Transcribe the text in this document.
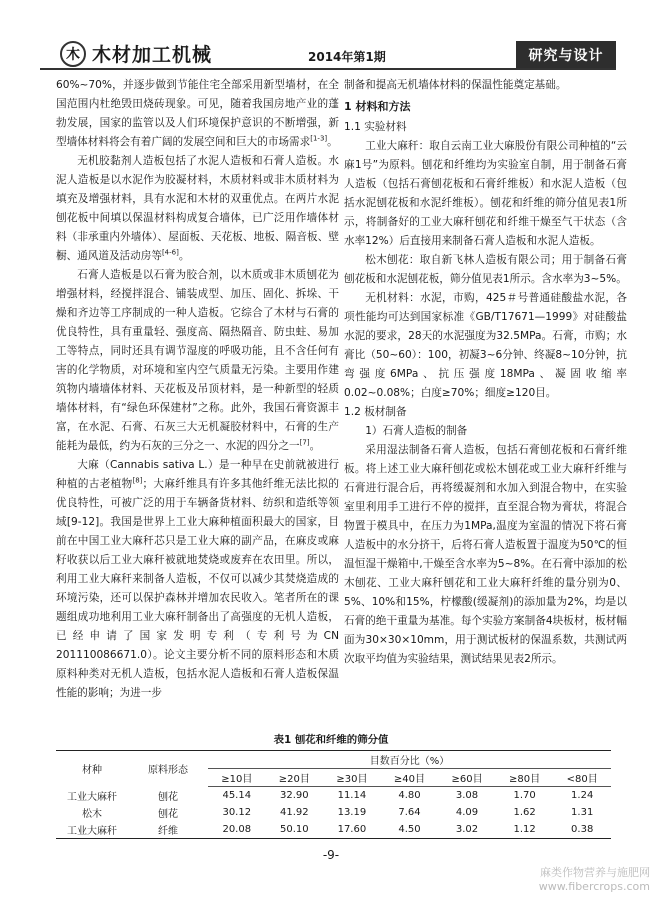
木 木材加工机械	2014年第1期	研究与设计

60%~70%，并逐步做到节能住宅全部采用新型墙材，在全国范围内杜绝毁田烧砖现象。可见，随着我国房地产业的蓬勃发展，国家的监管以及人们环境保护意识的不断增强，新型墙体材料将会有着广阔的发展空间和巨大的市场需求[1-3]。

无机胶黏剂人造板包括了水泥人造板和石膏人造板。水泥人造板是以水泥作为胶凝材料，木质材料或非木质材料为填充及增强材料，具有水泥和木材的双重优点。在两片水泥刨花板中间填以保温材料构成复合墙体，已广泛用作墙体材料（非承重内外墙体）、屋面板、天花板、地板、隔音板、壁橱、通风道及活动房等[4-6]。

石膏人造板是以石膏为胶合剂，以木质或非木质刨花为增强材料，经搅拌混合、铺装成型、加压、固化、拆垛、干燥和齐边等工序制成的一种人造板。它综合了木材与石膏的优良特性，具有重量轻、强度高、隔热隔音、防虫蛀、易加工等特点，同时还具有调节湿度的呼吸功能，且不含任何有害的化学物质，对环境和室内空气质量无污染。主要用作建筑物内墙墙体材料、天花板及吊顶材料，是一种新型的轻质墙体材料，有“绿色环保建材”之称。此外，我国石膏资源丰富，在水泥、石膏、石灰三大无机凝胶材料中，石膏的生产能耗为最低，约为石灰的三分之一、水泥的四分之一[7]。

大麻（Cannabis sativa L.）是一种早在史前就被进行种植的古老植物[8]；大麻纤维具有许多其他纤维无法比拟的优良特性，可被广泛的用于车辆备货材料、纺织和造纸等领域[9-12]。我国是世界上工业大麻种植面积最大的国家，目前在中国工业大麻秆芯只是工业大麻的副产品，在麻皮或麻籽收获以后工业大麻秆被就地焚烧或废弃在农田里。所以，利用工业大麻秆来制备人造板，不仅可以减少其焚烧造成的环境污染，还可以保护森林并增加农民收入。笔者所在的课题组成功地利用工业大麻秆制备出了高强度的无机人造板，已经申请了国家发明专利（专利号为CN 201110086671.0）。论文主要分析不同的原料形态和木质原料种类对无机人造板，包括水泥人造板和石膏人造板保温性能的影响；为进一步

制备和提高无机墙体材料的保温性能奠定基础。

1 材料和方法

1.1 实验材料

工业大麻秆：取自云南工业大麻股份有限公司种植的“云麻1号”为原料。刨花和纤维均为实验室自制，用于制备石膏人造板（包括石膏刨花板和石膏纤维板）和水泥人造板（包括水泥刨花板和水泥纤维板）。刨花和纤维的筛分值见表1所示，将制备好的工业大麻秆刨花和纤维干燥至气干状态（含水率12%）后直接用来制备石膏人造板和水泥人造板。

松木刨花：取自新飞林人造板有限公司；用于制备石膏刨花板和水泥刨花板，筛分值见表1所示。含水率为3~5%。

无机材料：水泥，市购，425＃号普通硅酸盐水泥，各项性能均可达到国家标准《GB/T17671—1999》对硅酸盐水泥的要求，28天的水泥强度为32.5MPa。石膏，市购；水膏比（50~60）：100，初凝3~6分钟、终凝8~10分钟，抗弯强度6MPa、抗压强度18MPa、凝固收缩率0.02~0.08%；白度≥70%；细度≥120目。

1.2 板材制备

1）石膏人造板的制备

采用湿法制备石膏人造板，包括石膏刨花板和石膏纤维板。将上述工业大麻秆刨花或松木刨花或工业大麻秆纤维与石膏进行混合后，再将缓凝剂和水加入到混合物中，在实验室里利用手工进行不停的搅拌，直至混合物为膏状，将混合物置于模具中，在压力为1MPa,温度为室温的情况下将石膏人造板中的水分挤干，后将石膏人造板置于温度为50℃的恒温恒湿干燥箱中,干燥至含水率为5~8%。在石膏中添加的松木刨花、工业大麻秆刨花和工业大麻秆纤维的量分别为0、5%、10%和15%，柠檬酸(缓凝剂)的添加量为2%，均是以石膏的绝干重量为基准。每个实验方案制备4块板材，板材幅面为30×30×10mm，用于测试板材的保温系数，共测试两次取平均值为实验结果，测试结果见表2所示。

表1 刨花和纤维的筛分值
材种	原料形态	目数百分比（%）						
		≥10目	≥20目	≥30目	≥40目	≥60目	≥80目	<80目
工业大麻秆	刨花	45.14	32.90	11.14	4.80	3.08	1.70	1.24
松木	刨花	30.12	41.92	13.19	7.64	4.09	1.62	1.31
工业大麻秆	纤维	20.08	50.10	17.60	4.50	3.02	1.12	0.38
-9-
麻类作物营养与施肥网
www.fibercrops.com
